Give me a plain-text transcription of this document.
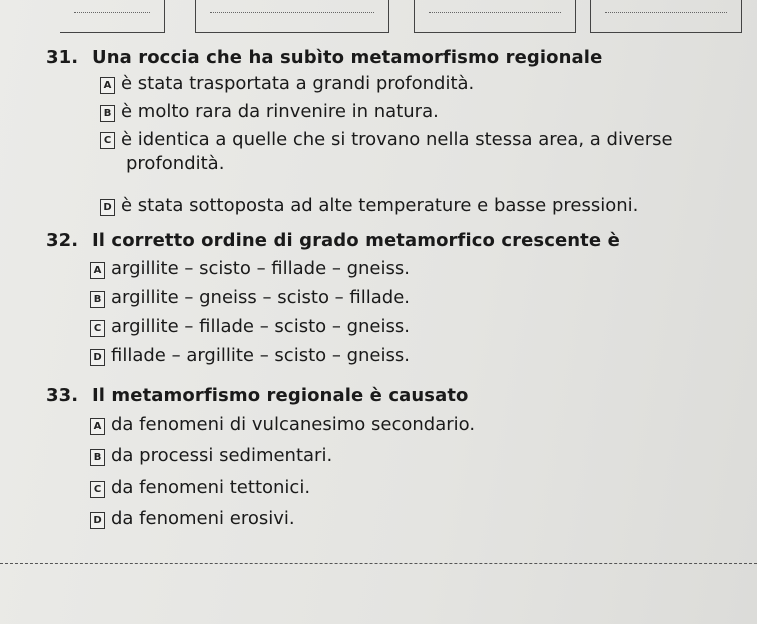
31. Una roccia che ha subìto metamorfismo regionale
A è stata trasportata a grandi profondità.
B è molto rara da rinvenire in natura.
C è identica a quelle che si trovano nella stessa area, a diverse
profondità.
D è stata sottoposta ad alte temperature e basse pressioni.
32. Il corretto ordine di grado metamorfico crescente è
A argillite – scisto – fillade – gneiss.
B argillite – gneiss – scisto – fillade.
C argillite – fillade – scisto – gneiss.
D fillade – argillite – scisto – gneiss.
33. Il metamorfismo regionale è causato
A da fenomeni di vulcanesimo secondario.
B da processi sedimentari.
C da fenomeni tettonici.
D da fenomeni erosivi.
